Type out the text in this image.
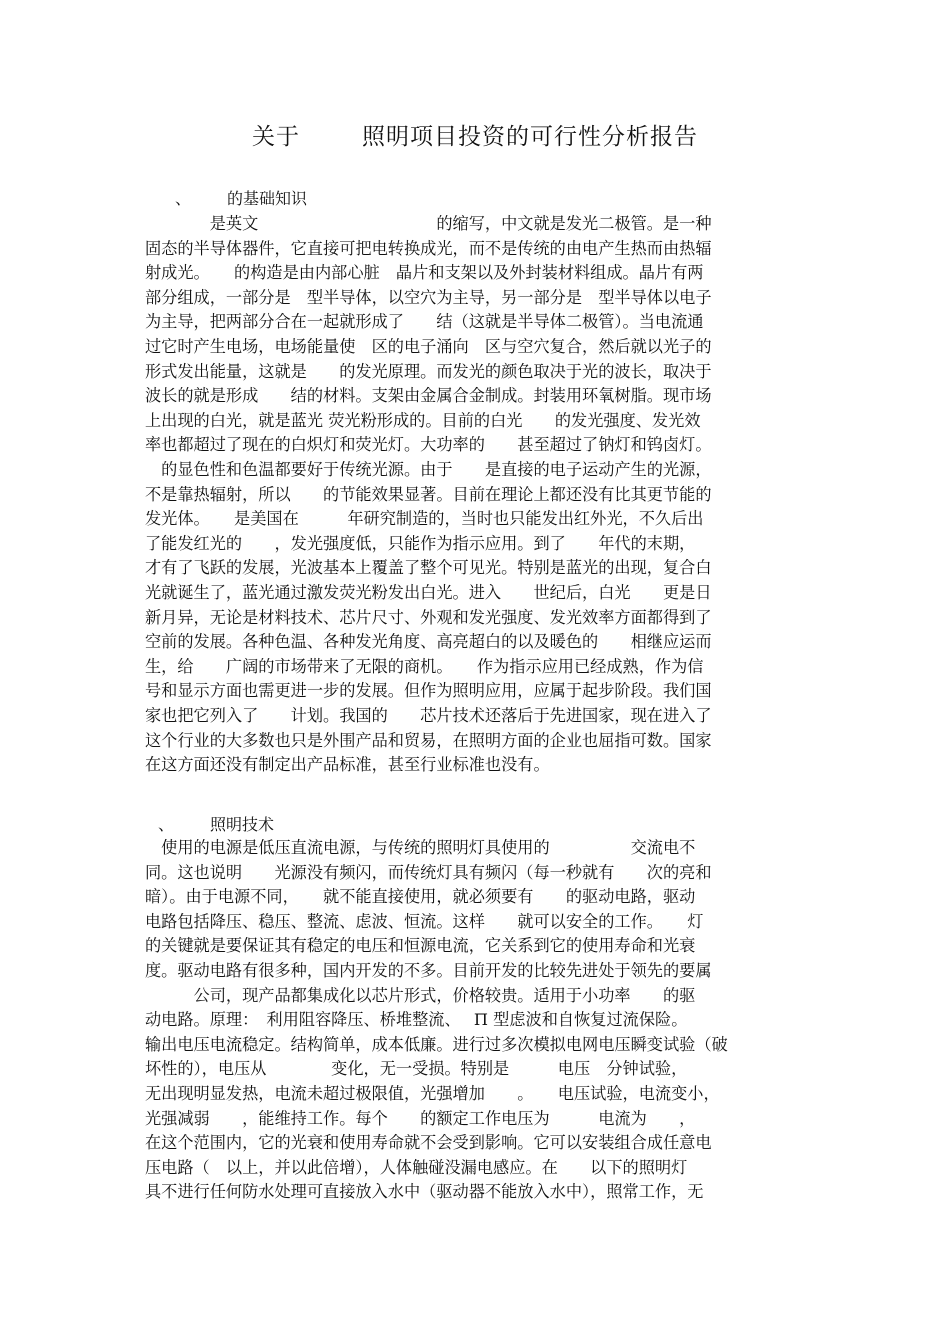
关于	照明项目投资的可行性分析报告
、 的基础知识
　　　　是英文　　　　　　　　　　　的缩写，中文就是发光二极管。是一种
固态的半导体器件，它直接可把电转换成光，而不是传统的由电产生热而由热辐
射成光。　　的构造是由内部心脏　晶片和支架以及外封装材料组成。晶片有两
部分组成，一部分是　型半导体，以空穴为主导，另一部分是　型半导体以电子
为主导，把两部分合在一起就形成了　　结（这就是半导体二极管）。当电流通
过它时产生电场，电场能量使　区的电子涌向　区与空穴复合，然后就以光子的
形式发出能量，这就是　　的发光原理。而发光的颜色取决于光的波长，取决于
波长的就是形成　　结的材料。支架由金属合金制成。封装用环氧树脂。现市场
上出现的白光，就是蓝光 荧光粉形成的。目前的白光　　的发光强度、发光效
率也都超过了现在的白炽灯和荧光灯。大功率的　　甚至超过了钠灯和钨卤灯。
　的显色性和色温都要好于传统光源。由于　　是直接的电子运动产生的光源，
不是靠热辐射，所以　　的节能效果显著。目前在理论上都还没有比其更节能的
发光体。　　是美国在　　　年研究制造的，当时也只能发出红外光，不久后出
了能发红光的　　，发光强度低，只能作为指示应用。到了　　年代的末期，
才有了飞跃的发展，光波基本上覆盖了整个可见光。特别是蓝光的出现，复合白
光就诞生了，蓝光通过激发荧光粉发出白光。进入　　世纪后，白光　　更是日
新月异，无论是材料技术、芯片尺寸、外观和发光强度、发光效率方面都得到了
空前的发展。各种色温、各种发光角度、高亮超白的以及暖色的　　相继应运而
生，给　　广阔的市场带来了无限的商机。　　作为指示应用已经成熟，作为信
号和显示方面也需更进一步的发展。但作为照明应用，应属于起步阶段。我们国
家也把它列入了　　计划。我国的　　芯片技术还落后于先进国家，现在进入了
这个行业的大多数也只是外围产品和贸易，在照明方面的企业也屈指可数。国家
在这方面还没有制定出产品标准，甚至行业标准也没有。
、 照明技术
　使用的电源是低压直流电源，与传统的照明灯具使用的　　　　　交流电不
同。这也说明　　光源没有频闪，而传统灯具有频闪（每一秒就有　　次的亮和
暗）。由于电源不同，　　就不能直接使用，就必须要有　　的驱动电路，驱动
电路包括降压、稳压、整流、虑波、恒流。这样　　就可以安全的工作。　　灯
的关键就是要保证其有稳定的电压和恒源电流，它关系到它的使用寿命和光衰
度。驱动电路有很多种，国内开发的不多。目前开发的比较先进处于领先的要属
　　　公司，现产品都集成化以芯片形式，价格较贵。适用于小功率　　的驱
动电路。原理：　利用阻容降压、桥堆整流、　 Π 型虑波和自恢复过流保险。
输出电压电流稳定。结构简单，成本低廉。进行过多次模拟电网电压瞬变试验（破
坏性的），电压从　　　　变化，无一受损。特别是　　　电压　分钟试验，
无出现明显发热，电流未超过极限值，光强增加　　。　　电压试验，电流变小，
光强减弱　　，能维持工作。每个　　的额定工作电压为　　　电流为　　，
在这个范围内，它的光衰和使用寿命就不会受到影响。它可以安装组合成任意电
压电路（　以上，并以此倍增），人体触碰没漏电感应。在　　以下的照明灯
具不进行任何防水处理可直接放入水中（驱动器不能放入水中），照常工作，无
